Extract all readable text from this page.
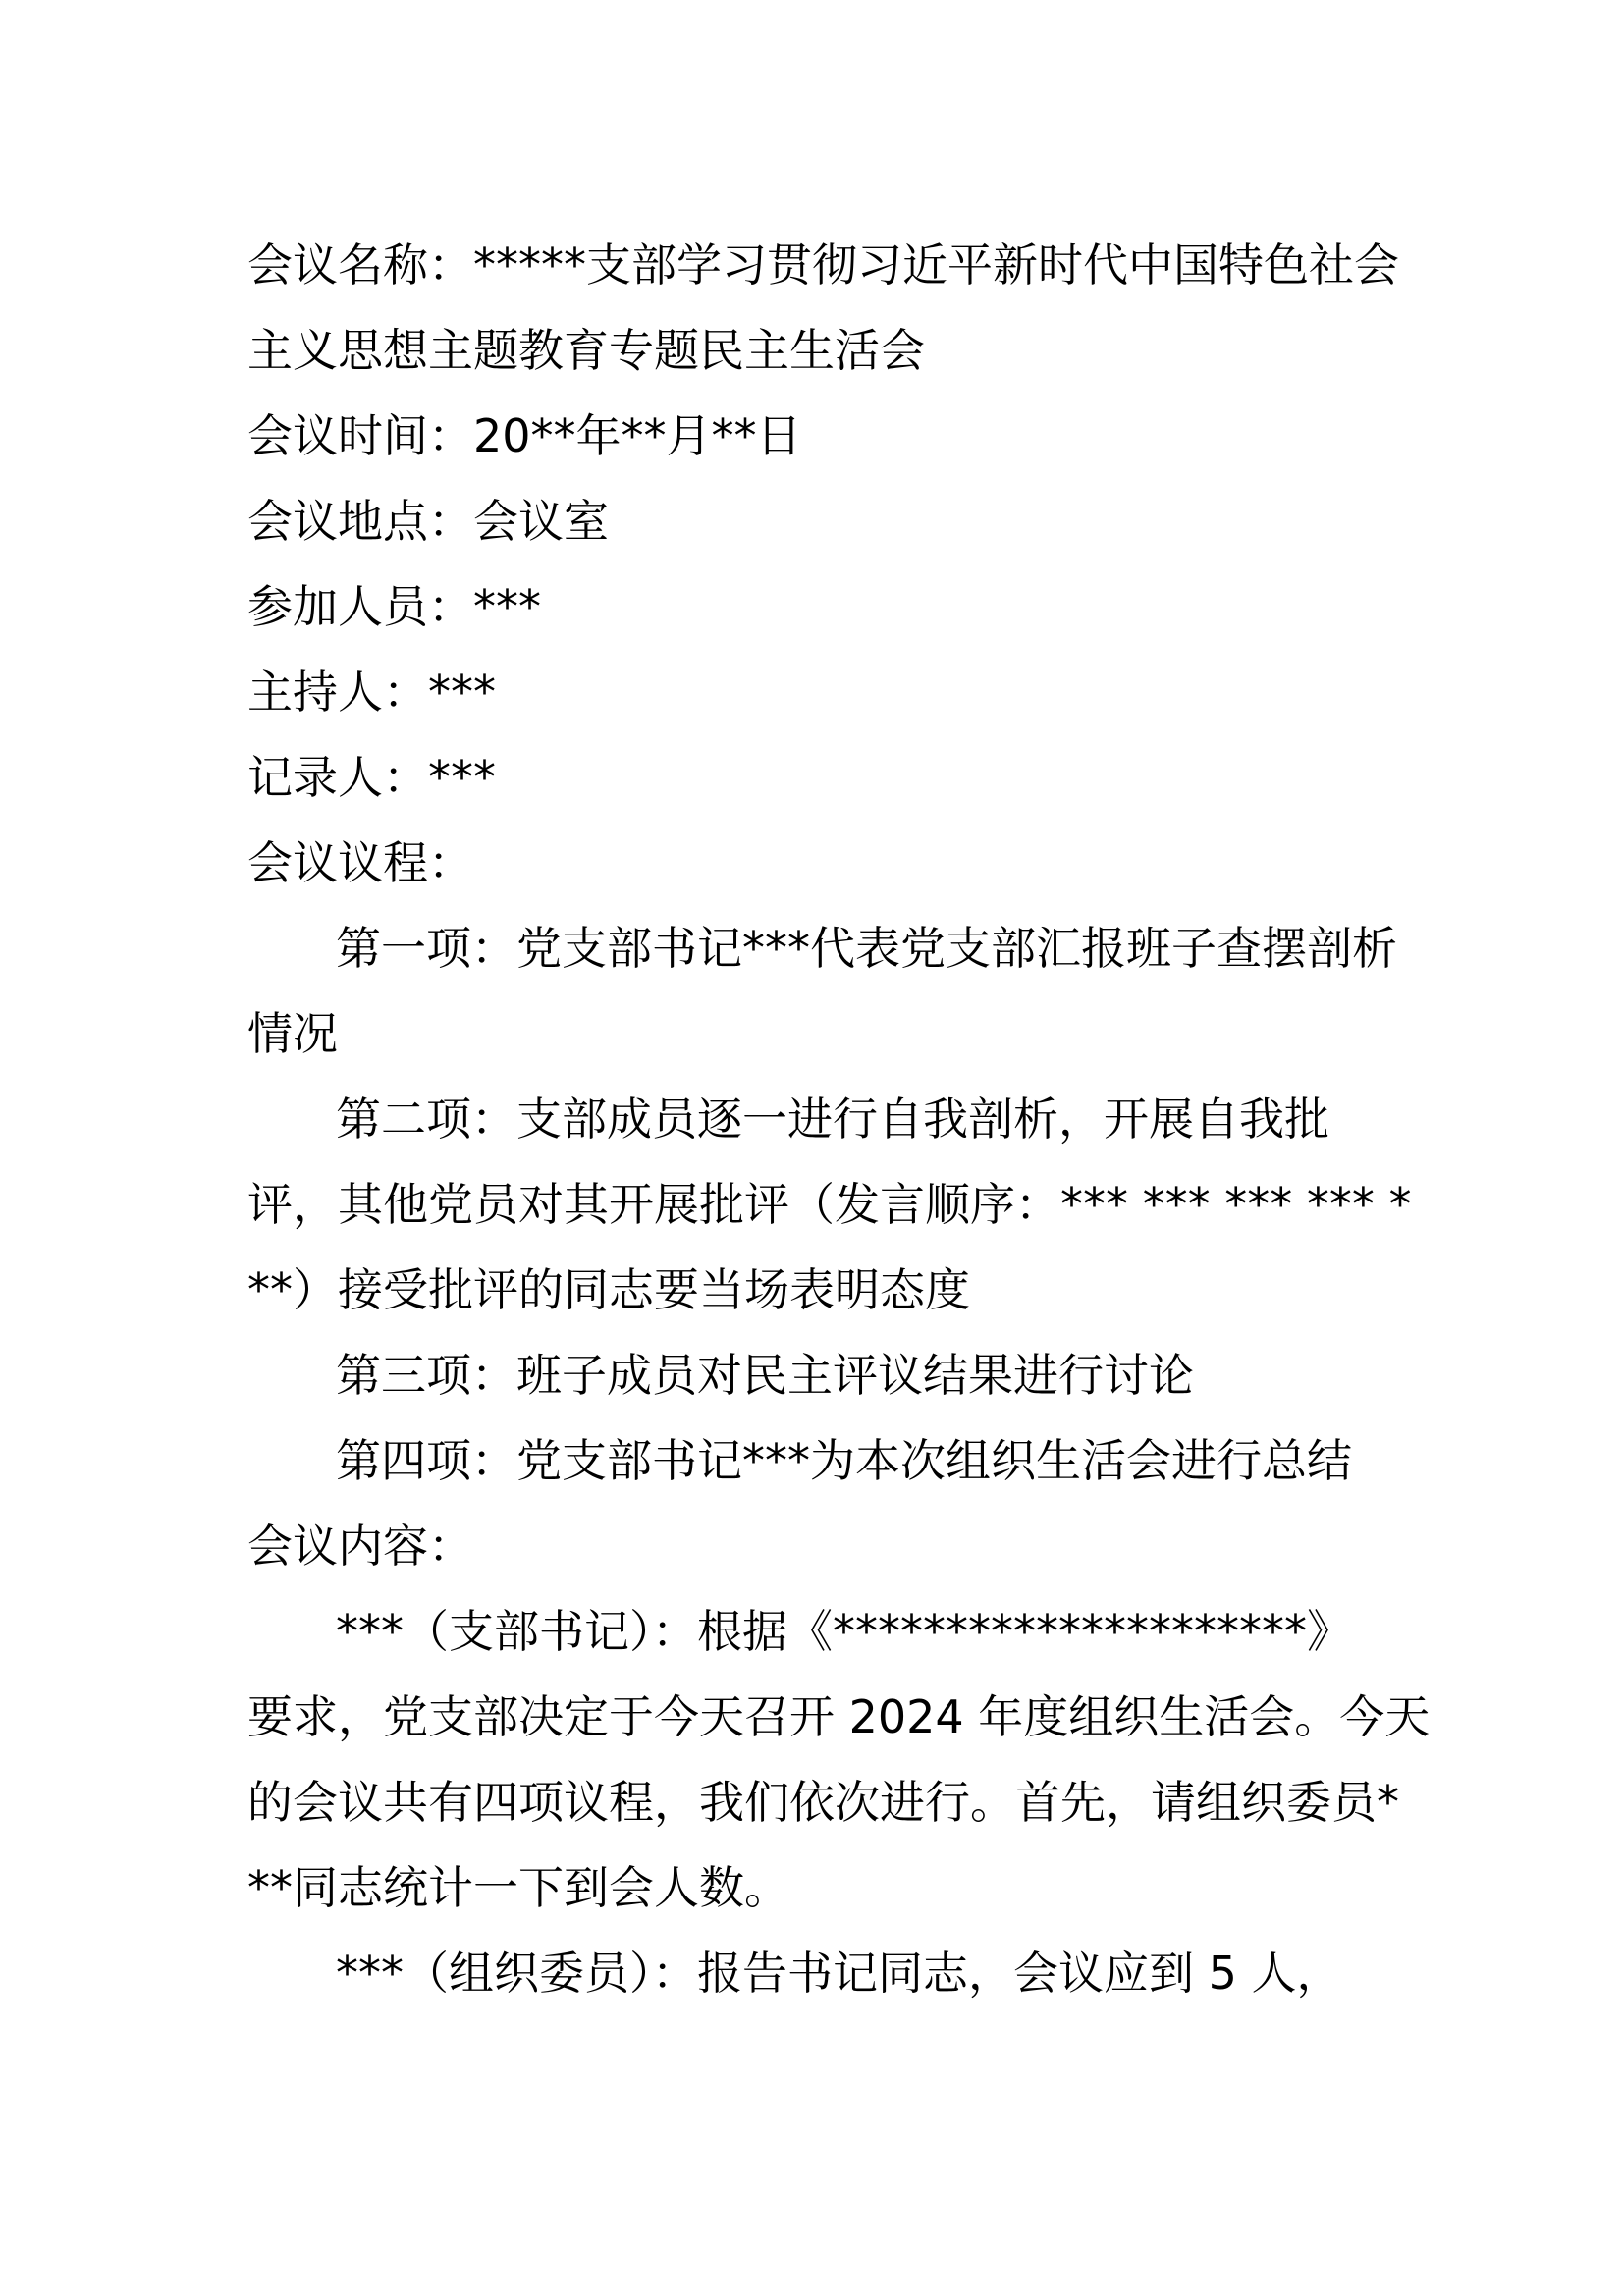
会议名称：*****支部学习贯彻习近平新时代中国特色社会
主义思想主题教育专题民主生活会
会议时间：20**年**月**日
会议地点：会议室
参加人员：***
主持人：***
记录人：***
会议议程：
第一项：党支部书记***代表党支部汇报班子查摆剖析
情况
第二项：支部成员逐一进行自我剖析，开展自我批
评，其他党员对其开展批评（发言顺序：*** *** *** *** *
**）接受批评的同志要当场表明态度
第三项：班子成员对民主评议结果进行讨论
第四项：党支部书记***为本次组织生活会进行总结
会议内容：
***（支部书记）：根据《*********************》
要求，党支部决定于今天召开 2024 年度组织生活会。今天
的会议共有四项议程，我们依次进行。首先，请组织委员*
**同志统计一下到会人数。
***（组织委员）：报告书记同志，会议应到 5 人，
